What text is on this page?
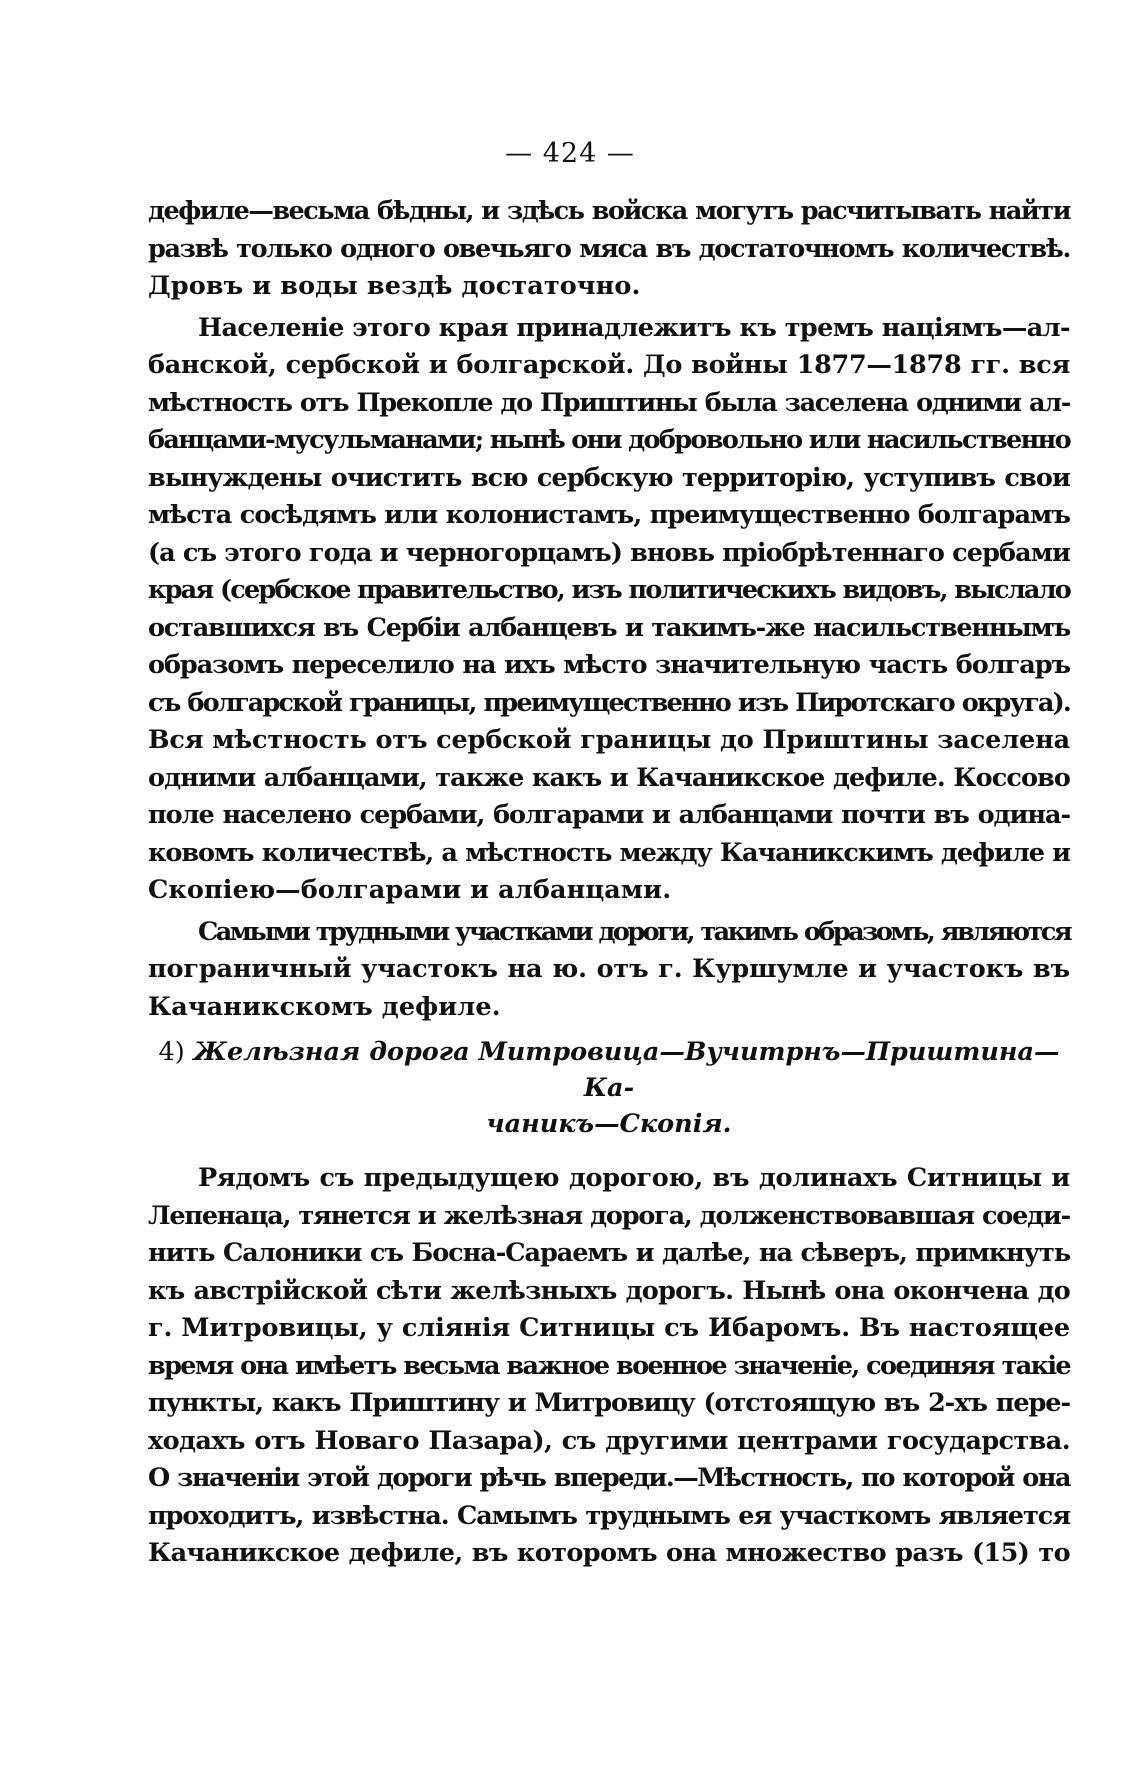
— 424 —
дефиле—весьма бѣдны, и здѣсь войска могутъ расчитывать найти
развѣ только одного овечьяго мяса въ достаточномъ количествѣ.
Дровъ и воды вездѣ достаточно.
Населеніе этого края принадлежитъ къ тремъ націямъ—ал-
банской, сербской и болгарской. До войны 1877—1878 гг. вся
мѣстность отъ Прекопле до Приштины была заселена одними ал-
банцами-мусульманами; нынѣ они добровольно или насильственно
вынуждены очистить всю сербскую территорію, уступивъ свои
мѣста сосѣдямъ или колонистамъ, преимущественно болгарамъ
(а съ этого года и черногорцамъ) вновь пріобрѣтеннаго сербами
края (сербское правительство, изъ политическихъ видовъ, выслало
оставшихся въ Сербіи албанцевъ и такимъ-же насильственнымъ
образомъ переселило на ихъ мѣсто значительную часть болгаръ
съ болгарской границы, преимущественно изъ Пиротскаго округа).
Вся мѣстность отъ сербской границы до Приштины заселена
одними албанцами, также какъ и Качаникское дефиле. Коссово
поле населено сербами, болгарами и албанцами почти въ одина-
ковомъ количествѣ, а мѣстность между Качаникскимъ дефиле и
Скопіею—болгарами и албанцами.
Самыми трудными участками дороги, такимъ образомъ, являются
пограничный участокъ на ю. отъ г. Куршумле и участокъ въ
Качаникскомъ дефиле.
4) Желѣзная дорога Митровица—Вучитрнъ—Приштина—Ка-
чаникъ—Скопія.
Рядомъ съ предыдущею дорогою, въ долинахъ Ситницы и
Лепенаца, тянется и желѣзная дорога, долженствовавшая соеди-
нить Салоники съ Босна-Сараемъ и далѣе, на сѣверъ, примкнуть
къ австрійской сѣти желѣзныхъ дорогъ. Нынѣ она окончена до
г. Митровицы, у сліянія Ситницы съ Ибаромъ. Въ настоящее
время она имѣетъ весьма важное военное значеніе, соединяя такіе
пункты, какъ Приштину и Митровицу (отстоящую въ 2-хъ пере-
ходахъ отъ Новаго Пазара), съ другими центрами государства.
О значеніи этой дороги рѣчь впереди.—Мѣстность, по которой она
проходитъ, извѣстна. Самымъ труднымъ ея участкомъ является
Качаникское дефиле, въ которомъ она множество разъ (15) то
